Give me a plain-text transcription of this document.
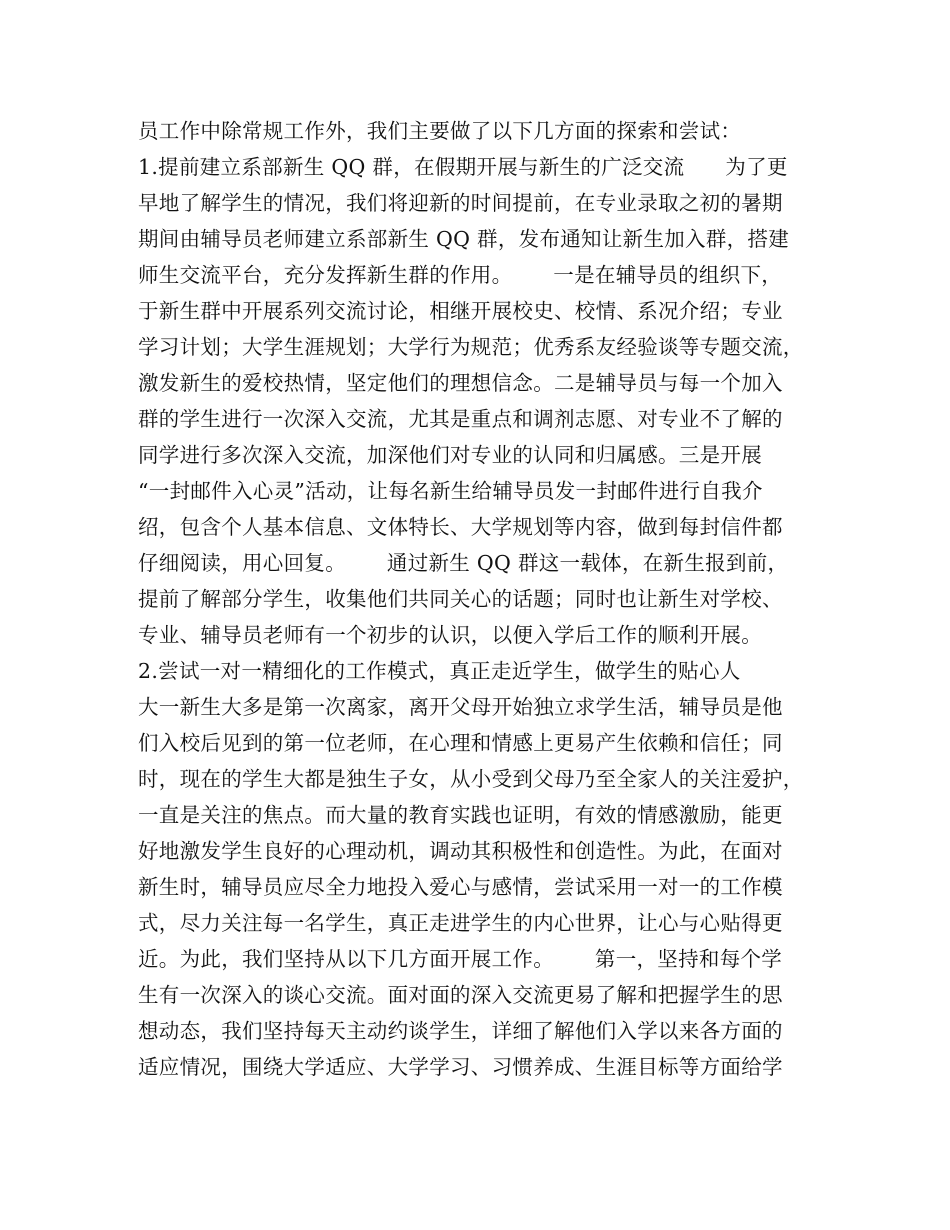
员工作中除常规工作外，我们主要做了以下几方面的探索和尝试：
1.提前建立系部新生 QQ 群，在假期开展与新生的广泛交流      为了更
早地了解学生的情况，我们将迎新的时间提前，在专业录取之初的暑期
期间由辅导员老师建立系部新生 QQ 群，发布通知让新生加入群，搭建
师生交流平台，充分发挥新生群的作用。      一是在辅导员的组织下，
于新生群中开展系列交流讨论，相继开展校史、校情、系况介绍；专业
学习计划；大学生涯规划；大学行为规范；优秀系友经验谈等专题交流，
激发新生的爱校热情，坚定他们的理想信念。二是辅导员与每一个加入
群的学生进行一次深入交流，尤其是重点和调剂志愿、对专业不了解的
同学进行多次深入交流，加深他们对专业的认同和归属感。三是开展
“一封邮件入心灵”活动，让每名新生给辅导员发一封邮件进行自我介
绍，包含个人基本信息、文体特长、大学规划等内容，做到每封信件都
仔细阅读，用心回复。      通过新生 QQ 群这一载体，在新生报到前，
提前了解部分学生，收集他们共同关心的话题；同时也让新生对学校、
专业、辅导员老师有一个初步的认识，以便入学后工作的顺利开展。
2.尝试一对一精细化的工作模式，真正走近学生，做学生的贴心人
大一新生大多是第一次离家，离开父母开始独立求学生活，辅导员是他
们入校后见到的第一位老师，在心理和情感上更易产生依赖和信任；同
时，现在的学生大都是独生子女，从小受到父母乃至全家人的关注爱护，
一直是关注的焦点。而大量的教育实践也证明，有效的情感激励，能更
好地激发学生良好的心理动机，调动其积极性和创造性。为此，在面对
新生时，辅导员应尽全力地投入爱心与感情，尝试采用一对一的工作模
式，尽力关注每一名学生，真正走进学生的内心世界，让心与心贴得更
近。为此，我们坚持从以下几方面开展工作。      第一，坚持和每个学
生有一次深入的谈心交流。面对面的深入交流更易了解和把握学生的思
想动态，我们坚持每天主动约谈学生，详细了解他们入学以来各方面的
适应情况，围绕大学适应、大学学习、习惯养成、生涯目标等方面给学
